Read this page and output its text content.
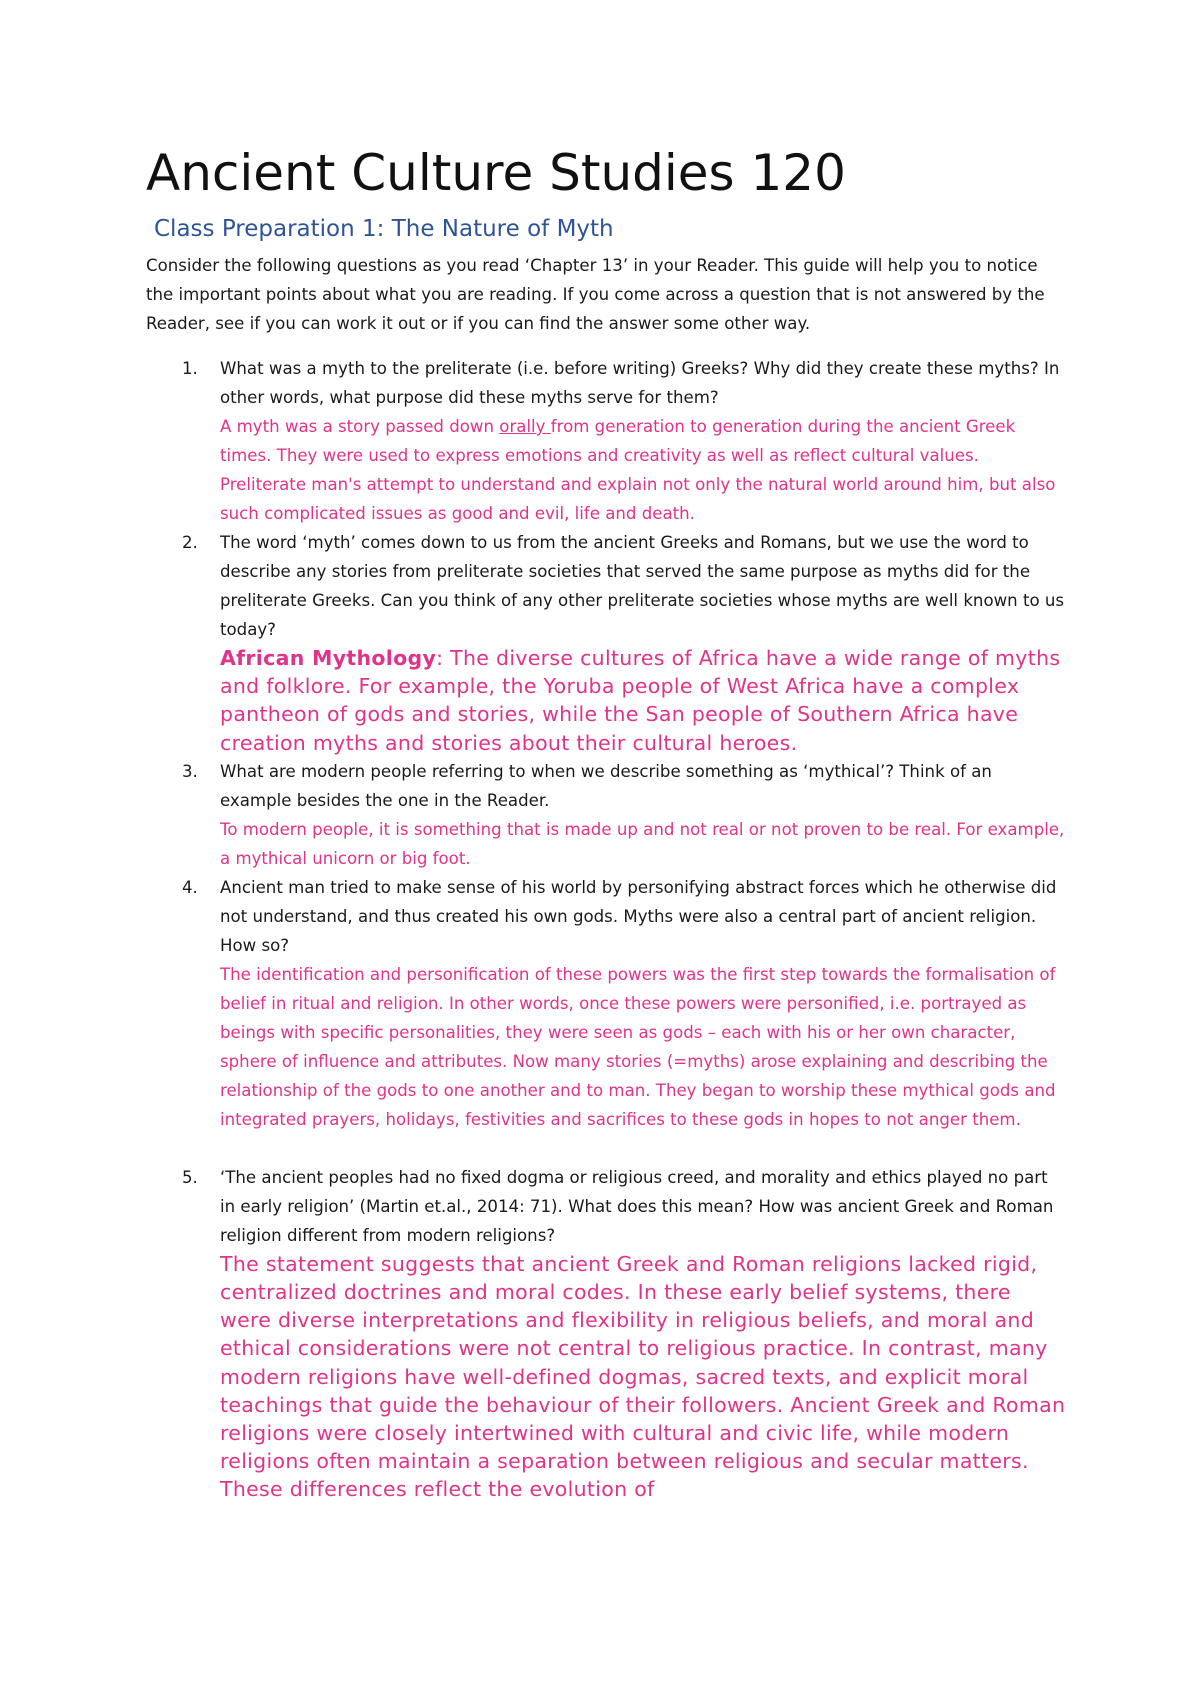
Ancient Culture Studies 120
Class Preparation 1: The Nature of Myth

Consider the following questions as you read ‘Chapter 13’ in your Reader. This guide will help you to notice the important points about what you are reading. If you come across a question that is not answered by the Reader, see if you can work it out or if you can find the answer some other way.

1. What was a myth to the preliterate (i.e. before writing) Greeks? Why did they create these myths? In other words, what purpose did these myths serve for them?

A myth was a story passed down orally from generation to generation during the ancient Greek times. They were used to express emotions and creativity as well as reflect cultural values. Preliterate man's attempt to understand and explain not only the natural world around him, but also such complicated issues as good and evil, life and death.

2. The word ‘myth’ comes down to us from the ancient Greeks and Romans, but we use the word to describe any stories from preliterate societies that served the same purpose as myths did for the preliterate Greeks. Can you think of any other preliterate societies whose myths are well known to us today?

African Mythology: The diverse cultures of Africa have a wide range of myths and folklore. For example, the Yoruba people of West Africa have a complex pantheon of gods and stories, while the San people of Southern Africa have creation myths and stories about their cultural heroes.

3. What are modern people referring to when we describe something as ‘mythical’? Think of an example besides the one in the Reader.

To modern people, it is something that is made up and not real or not proven to be real. For example, a mythical unicorn or big foot.

4. Ancient man tried to make sense of his world by personifying abstract forces which he otherwise did not understand, and thus created his own gods. Myths were also a central part of ancient religion. How so?

The identification and personification of these powers was the first step towards the formalisation of belief in ritual and religion. In other words, once these powers were personified, i.e. portrayed as beings with specific personalities, they were seen as gods – each with his or her own character, sphere of influence and attributes. Now many stories (=myths) arose explaining and describing the relationship of the gods to one another and to man. They began to worship these mythical gods and integrated prayers, holidays, festivities and sacrifices to these gods in hopes to not anger them.

5. ‘The ancient peoples had no fixed dogma or religious creed, and morality and ethics played no part in early religion’ (Martin et.al., 2014: 71). What does this mean? How was ancient Greek and Roman religion different from modern religions?

The statement suggests that ancient Greek and Roman religions lacked rigid, centralized doctrines and moral codes. In these early belief systems, there were diverse interpretations and flexibility in religious beliefs, and moral and ethical considerations were not central to religious practice. In contrast, many modern religions have well-defined dogmas, sacred texts, and explicit moral teachings that guide the behaviour of their followers. Ancient Greek and Roman religions were closely intertwined with cultural and civic life, while modern religions often maintain a separation between religious and secular matters. These differences reflect the evolution of
